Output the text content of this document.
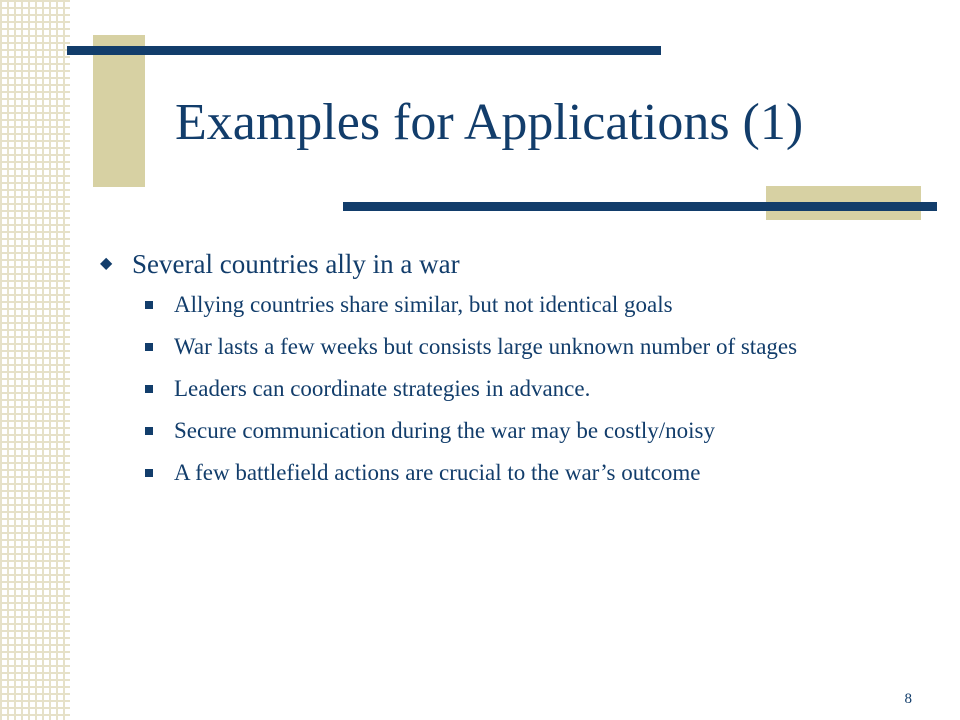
Examples for Applications (1)
◆ Several countries ally in a war
Allying countries share similar, but not identical goals
War lasts a few weeks but consists large unknown number of stages
Leaders can coordinate strategies in advance.
Secure communication during the war may be costly/noisy
A few battlefield actions are crucial to the war’s outcome
8
